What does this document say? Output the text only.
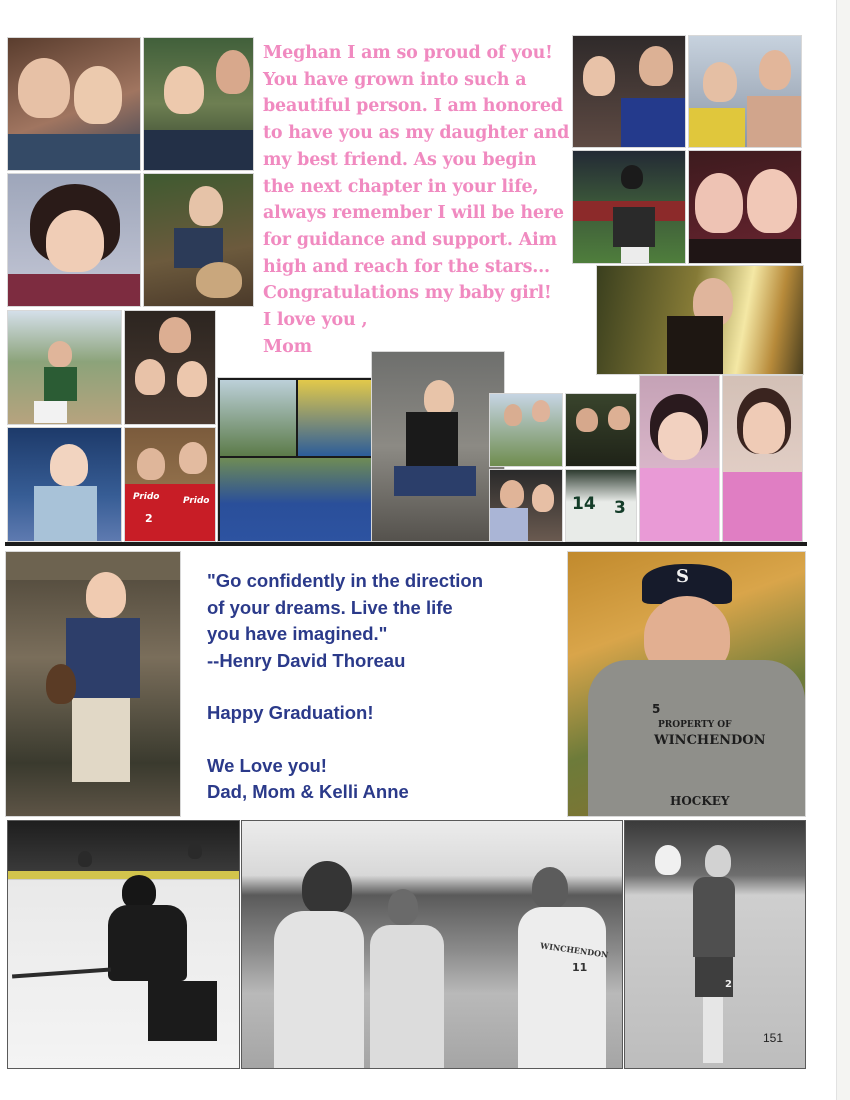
Meghan I am so proud of you!
You have grown into such a
beautiful person. I am honored
to have you as my daughter and
my best friend. As you begin
the next chapter in your life,
always remember I will be here
for guidance and support. Aim
high and reach for the stars...
Congratulations my baby girl!
I love you ,
Mom
Prido
2
Prido	14 3
"Go confidently in the direction
of your dreams. Live the life
you have imagined."
--Henry David Thoreau
Happy Graduation!
We Love you!
Dad, Mom & Kelli Anne
S
PROPERTY OF
WINCHENDON
HOCKEY
5
WINCHENDON
11
2
151
